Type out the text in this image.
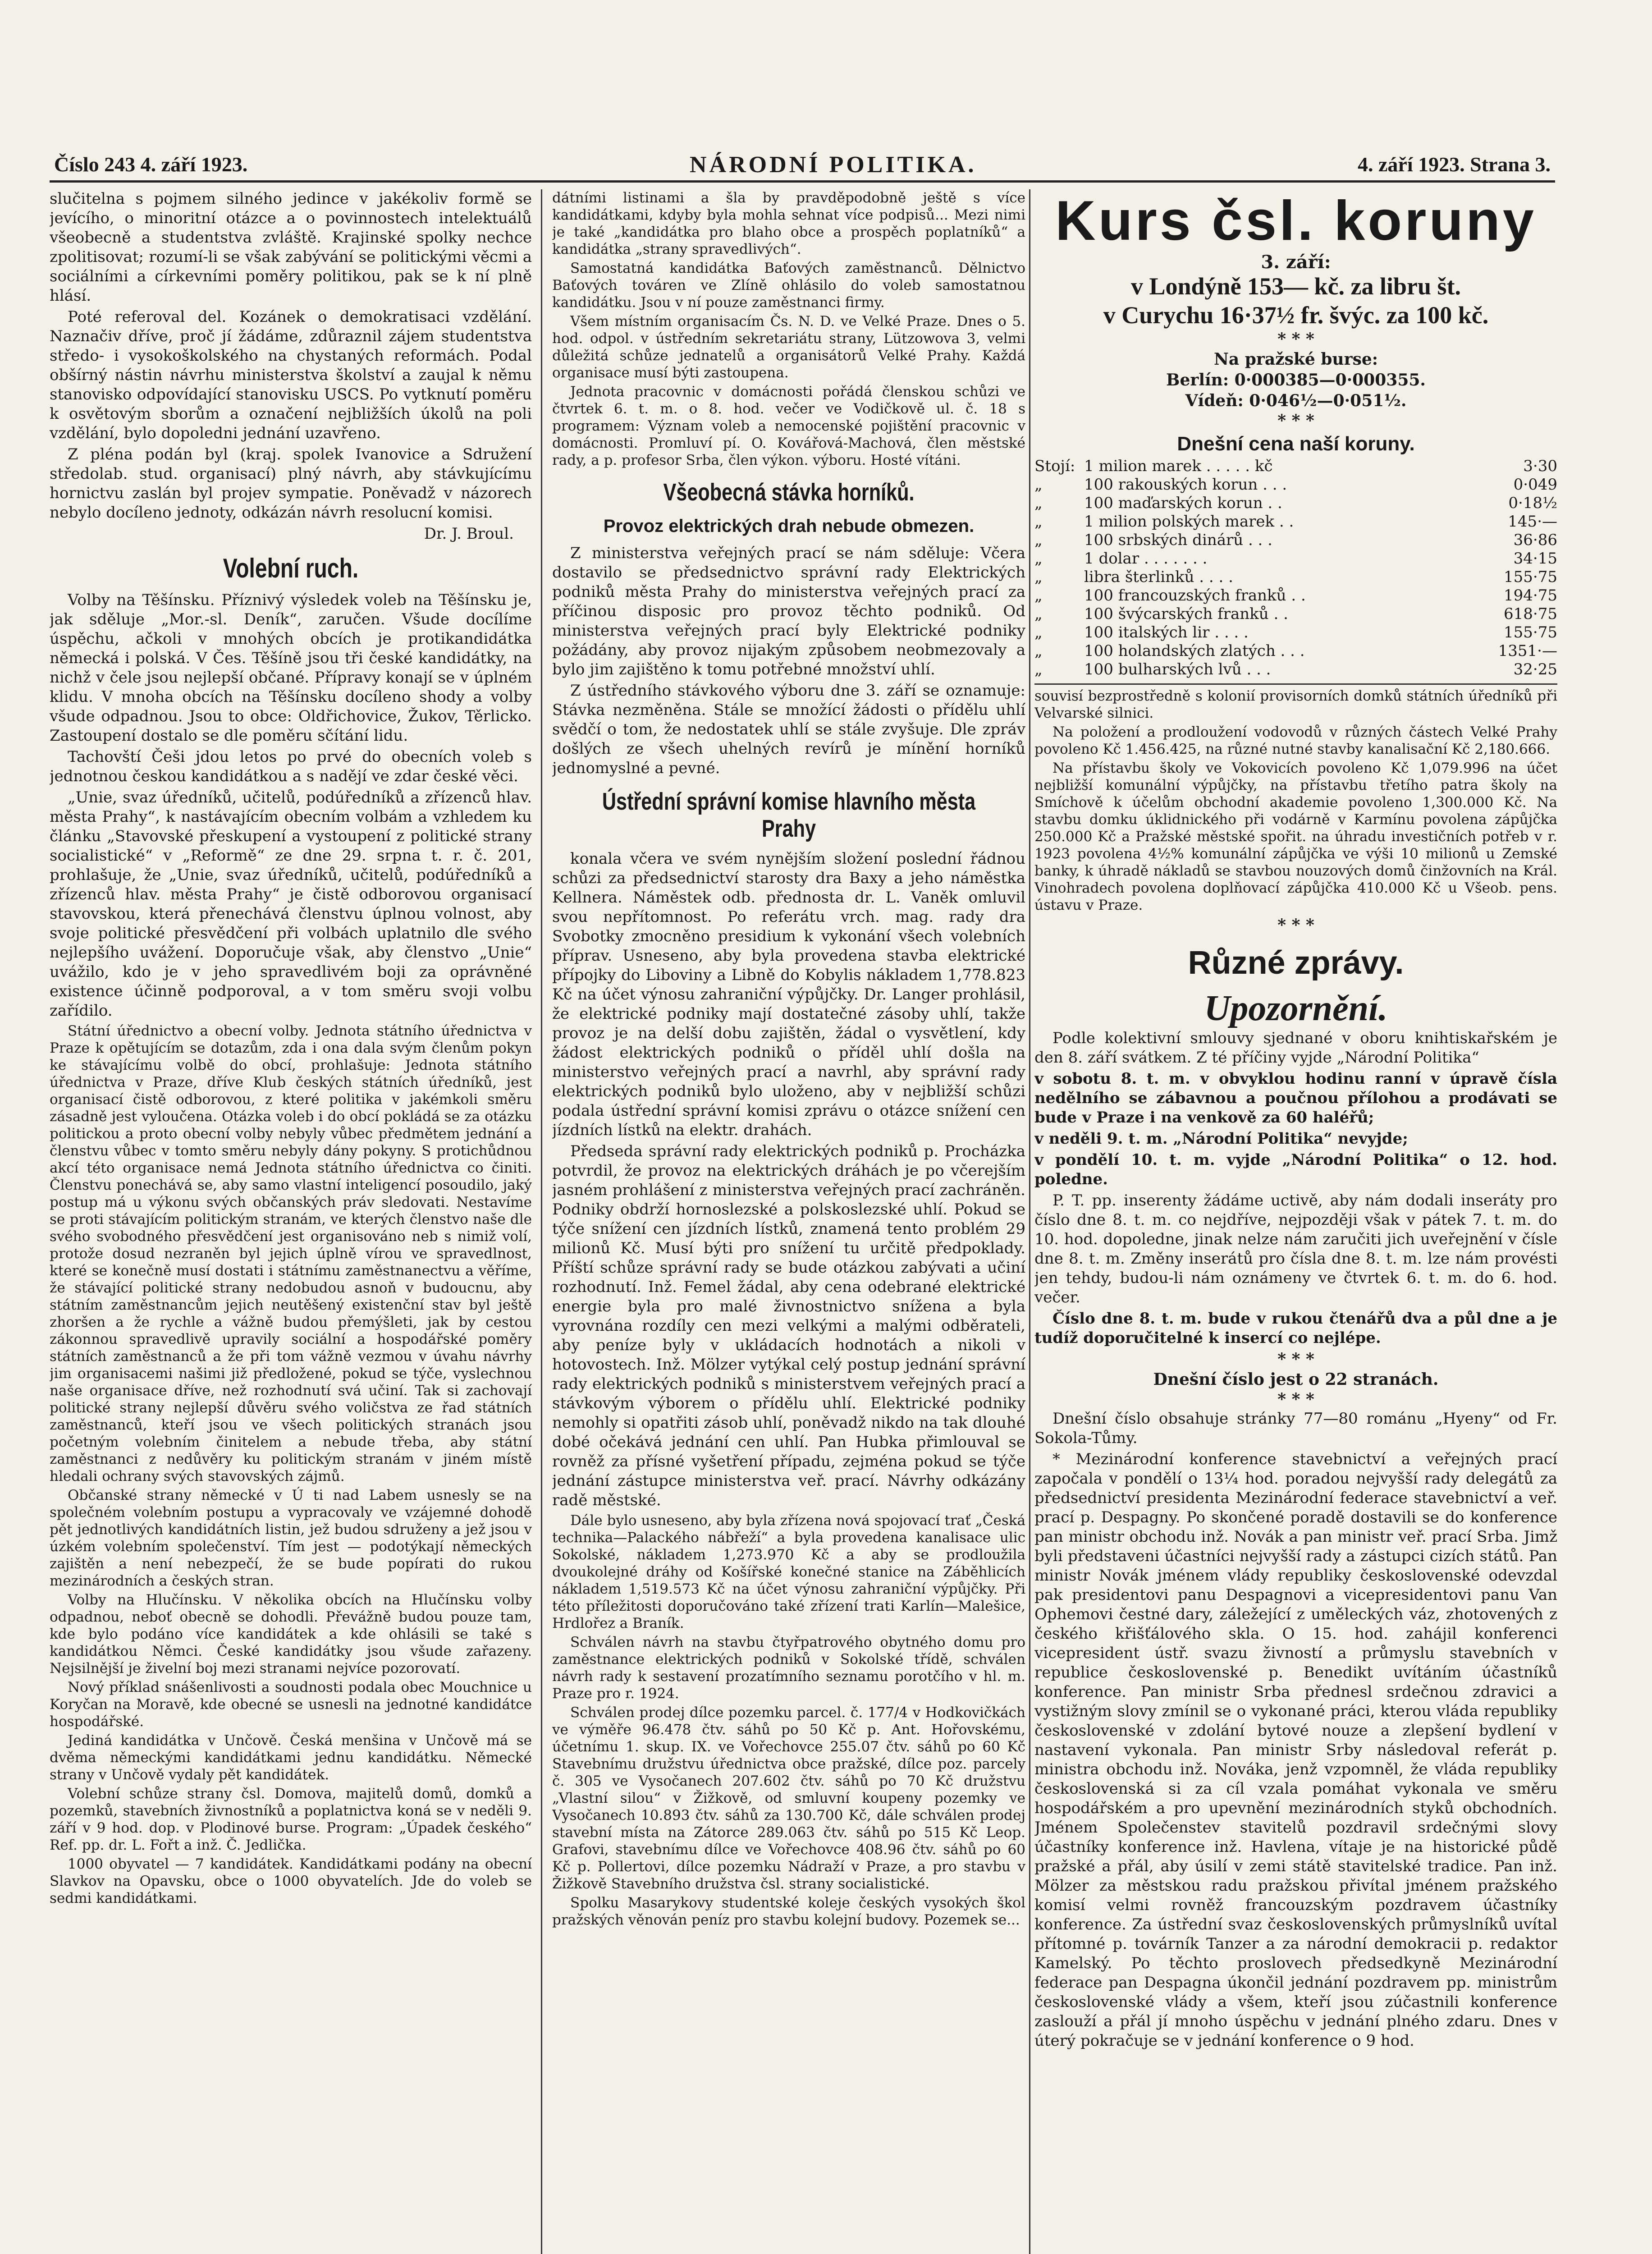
Číslo 243 4. září 1923.	NÁRODNÍ POLITIKA.	4. září 1923. Strana 3.

slučitelna s pojmem silného jedince v jakékoliv formě se jevícího, o minoritní otázce a o povinnostech intelektuálů všeobecně a studentstva zvláště. Krajinské spolky nechce zpolitisovat; rozumí-li se však zabývání se politickými věcmi a sociálními a církevními poměry politikou, pak se k ní plně hlásí.

Poté referoval del. Kozánek o demokratisaci vzdělání. Naznačiv dříve, proč jí žádáme, zdůraznil zájem studentstva středo- i vysokoškolského na chystaných reformách. Podal obšírný nástin návrhu ministerstva školství a zaujal k němu stanovisko odpovídající stanovisku USCS. Po vytknutí poměru k osvětovým sborům a označení nejbližších úkolů na poli vzdělání, bylo dopoledni jednání uzavřeno.

Z pléna podán byl (kraj. spolek Ivanovice a Sdružení středolab. stud. organisací) plný návrh, aby stávkujícímu hornictvu zaslán byl projev sympatie. Poněvadž v názorech nebylo docíleno jednoty, odkázán návrh resolucní komisi.

Dr. J. Broul.
Volební ruch.

Volby na Těšínsku. Příznivý výsledek voleb na Těšínsku je, jak sděluje „Mor.-sl. Deník“, zaručen. Všude docílíme úspěchu, ačkoli v mnohých obcích je protikandidátka německá i polská. V Čes. Těšíně jsou tři české kandidátky, na nichž v čele jsou nejlepší občané. Přípravy konají se v úplném klidu. V mnoha obcích na Těšínsku docíleno shody a volby všude odpadnou. Jsou to obce: Oldřichovice, Žukov, Těrlicko. Zastoupení dostalo se dle poměru sčítání lidu.

Tachovští Češi jdou letos po prvé do obecních voleb s jednotnou českou kandidátkou a s nadějí ve zdar české věci.

„Unie, svaz úředníků, učitelů, podúředníků a zřízenců hlav. města Prahy“, k nastávajícím obecním volbám a vzhledem ku článku „Stavovské přeskupení a vystoupení z politické strany socialistické“ v „Reformě“ ze dne 29. srpna t. r. č. 201, prohlašuje, že „Unie, svaz úředníků, učitelů, podúředníků a zřízenců hlav. města Prahy“ je čistě odborovou organisací stavovskou, která přenechává členstvu úplnou volnost, aby svoje politické přesvědčení při volbách uplatnilo dle svého nejlepšího uvážení. Doporučuje však, aby členstvo „Unie“ uvážilo, kdo je v jeho spravedlivém boji za oprávněné existence účinně podporoval, a v tom směru svoji volbu zařídilo.

Státní úřednictvo a obecní volby. Jednota státního úřednictva v Praze k opětujícím se dotazům, zda i ona dala svým členům pokyn ke stávajícímu volbě do obcí, prohlašuje: Jednota státního úřednictva v Praze, dříve Klub českých státních úředníků, jest organisací čistě odborovou, z které politika v jakémkoli směru zásadně jest vyloučena. Otázka voleb i do obcí pokládá se za otázku politickou a proto obecní volby nebyly vůbec předmětem jednání a členstvu vůbec v tomto směru nebyly dány pokyny. S protichůdnou akcí této organisace nemá Jednota státního úřednictva co činiti. Členstvu ponechává se, aby samo vlastní inteligencí posoudilo, jaký postup má u výkonu svých občanských práv sledovati. Nestavíme se proti stávajícím politickým stranám, ve kterých členstvo naše dle svého svobodného přesvědčení jest organisováno neb s nimiž volí, protože dosud nezraněn byl jejich úplně vírou ve spravedlnost, které se konečně musí dostati i státnímu zaměstnanectvu a věříme, že stávající politické strany nedobudou asnoň v budoucnu, aby státním zaměstnancům jejich neutěšený existenční stav byl ještě zhoršen a že rychle a vážně budou přemýšleti, jak by cestou zákonnou spravedlivě upravily sociální a hospodářské poměry státních zaměstnanců a že při tom vážně vezmou v úvahu návrhy jim organisacemi našimi již předložené, pokud se týče, vyslechnou naše organisace dříve, než rozhodnutí svá učiní. Tak si zachovají politické strany nejlepší důvěru svého voličstva ze řad státních zaměstnanců, kteří jsou ve všech politických stranách jsou početným volebním činitelem a nebude třeba, aby státní zaměstnanci z nedůvěry ku politickým stranám v jiném místě hledali ochrany svých stavovských zájmů.

Občanské strany německé v Ú ti nad Labem usnesly se na společném volebním postupu a vypracovaly ve vzájemné dohodě pět jednotlivých kandidátních listin, jež budou sdruženy a jež jsou v úzkém volebním společenství. Tím jest — podotýkají německých zajištěn a není nebezpečí, že se bude popírati do rukou mezinárodních a českých stran.

Volby na Hlučínsku. V několika obcích na Hlučínsku volby odpadnou, neboť obecně se dohodli. Převážně budou pouze tam, kde bylo podáno více kandidátek a kde ohlásili se také s kandidátkou Němci. České kandidátky jsou všude zařazeny. Nejsilnější je živelní boj mezi stranami nejvíce pozorovatí.

Nový příklad snášenlivosti a soudnosti podala obec Mouchnice u Koryčan na Moravě, kde obecné se usnesli na jednotné kandidátce hospodářské.

Jediná kandidátka v Unčově. Česká menšina v Unčově má se dvěma německými kandidátkami jednu kandidátku. Německé strany v Unčově vydaly pět kandidátek.

Volební schůze strany čsl. Domova, majitelů domů, domků a pozemků, stavebních živnostníků a poplatnictva koná se v neděli 9. září v 9 hod. dop. v Plodinové burse. Program: „Úpadek českého“ Ref. pp. dr. L. Fořt a inž. Č. Jedlička.

1000 obyvatel — 7 kandidátek. Kandidátkami podány na obecní Slavkov na Opavsku, obce o 1000 obyvatelích. Jde do voleb se sedmi kandidátkami.

dátními listinami a šla by pravděpodobně ještě s více kandidátkami, kdyby byla mohla sehnat více podpisů... Mezi nimi je také „kandidátka pro blaho obce a prospěch poplatníků“ a kandidátka „strany spravedlivých“.

Samostatná kandidátka Baťových zaměstnanců. Dělnictvo Baťových továren ve Zlíně ohlásilo do voleb samostatnou kandidátku. Jsou v ní pouze zaměstnanci firmy.

Všem místním organisacím Čs. N. D. ve Velké Praze. Dnes o 5. hod. odpol. v ústředním sekretariátu strany, Lützowova 3, velmi důležitá schůze jednatelů a organisátorů Velké Prahy. Každá organisace musí býti zastoupena.

Jednota pracovnic v domácnosti pořádá členskou schůzi ve čtvrtek 6. t. m. o 8. hod. večer ve Vodičkově ul. č. 18 s programem: Význam voleb a nemocenské pojištění pracovnic v domácnosti. Promluví pí. O. Kovářová-Machová, člen městské rady, a p. profesor Srba, člen výkon. výboru. Hosté vítáni.

Všeobecná stávka horníků.
Provoz elektrických drah nebude obmezen.

Z ministerstva veřejných prací se nám sděluje: Včera dostavilo se předsednictvo správní rady Elektrických podniků města Prahy do ministerstva veřejných prací za příčinou disposic pro provoz těchto podniků. Od ministerstva veřejných prací byly Elektrické podniky požádány, aby provoz nijakým způsobem neobmezovaly a bylo jim zajištěno k tomu potřebné množství uhlí.

Z ústředního stávkového výboru dne 3. září se oznamuje: Stávka nezměněna. Stále se množící žádosti o přídělu uhlí svědčí o tom, že nedostatek uhlí se stále zvyšuje. Dle zpráv došlých ze všech uhelných revírů je mínění horníků jednomyslné a pevné.

Ústřední správní komise hlavního města Prahy

konala včera ve svém nynějším složení poslední řádnou schůzi za předsednictví starosty dra Baxy a jeho náměstka Kellnera. Náměstek odb. přednosta dr. L. Vaněk omluvil svou nepřítomnost. Po referátu vrch. mag. rady dra Svobotky zmocněno presidium k vykonání všech volebních příprav. Usneseno, aby byla provedena stavba elektrické přípojky do Liboviny a Libně do Kobylis nákladem 1,778.823 Kč na účet výnosu zahraniční výpůjčky. Dr. Langer prohlásil, že elektrické podniky mají dostatečné zásoby uhlí, takže provoz je na delší dobu zajištěn, žádal o vysvětlení, kdy žádost elektrických podniků o příděl uhlí došla na ministerstvo veřejných prací a navrhl, aby správní rady elektrických podniků bylo uloženo, aby v nejbližší schůzi podala ústřední správní komisi zprávu o otázce snížení cen jízdních lístků na elektr. drahách.

Předseda správní rady elektrických podniků p. Procházka potvrdil, že provoz na elektrických dráhách je po včerejším jasném prohlášení z ministerstva veřejných prací zachráněn. Podniky obdrží hornoslezské a polskoslezské uhlí. Pokud se týče snížení cen jízdních lístků, znamená tento problém 29 milionů Kč. Musí býti pro snížení tu určitě předpoklady. Příští schůze správní rady se bude otázkou zabývati a učiní rozhodnutí. Inž. Femel žádal, aby cena odebrané elektrické energie byla pro malé živnostnictvo snížena a byla vyrovnána rozdíly cen mezi velkými a malými odběrateli, aby peníze byly v ukládacích hodnotách a nikoli v hotovostech. Inž. Mölzer vytýkal celý postup jednání správní rady elektrických podniků s ministerstvem veřejných prací a stávkovým výborem o přídělu uhlí. Elektrické podniky nemohly si opatřiti zásob uhlí, poněvadž nikdo na tak dlouhé dobé očekává jednání cen uhlí. Pan Hubka přimlouval se rovněž za přísné vyšetření případu, zejména pokud se týče jednání zástupce ministerstva veř. prací. Návrhy odkázány radě městské.

Dále bylo usneseno, aby byla zřízena nová spojovací trať „Česká technika—Palackého nábřeží“ a byla provedena kanalisace ulic Sokolské, nákladem 1,273.970 Kč a aby se prodloužila dvoukolejné dráhy od Košířské konečné stanice na Záběhlicích nákladem 1,519.573 Kč na účet výnosu zahraniční výpůjčky. Při této příležitosti doporučováno také zřízení trati Karlín—Malešice, Hrdlořez a Braník.

Schválen návrh na stavbu čtyřpatrového obytného domu pro zaměstnance elektrických podniků v Sokolské třídě, schválen návrh rady k sestavení prozatímního seznamu porotčího v hl. m. Praze pro r. 1924.

Schválen prodej dílce pozemku parcel. č. 177/4 v Hodkovičkách ve výměře 96.478 čtv. sáhů po 50 Kč p. Ant. Hořovskému, účetnímu 1. skup. IX. ve Vořechovce 255.07 čtv. sáhů po 60 Kč Stavebnímu družstvu úřednictva obce pražské, dílce poz. parcely č. 305 ve Vysočanech 207.602 čtv. sáhů po 70 Kč družstvu „Vlastní silou“ v Žižkově, od smluvní koupeny pozemky ve Vysočanech 10.893 čtv. sáhů za 130.700 Kč, dále schválen prodej stavební místa na Zátorce 289.063 čtv. sáhů po 515 Kč Leop. Grafovi, stavebnímu dílce ve Vořechovce 408.96 čtv. sáhů po 60 Kč p. Pollertovi, dílce pozemku Nádraží v Praze, a pro stavbu v Žižkově Stavebního družstva čsl. strany socialistické.

Spolku Masarykovy studentské koleje českých vysokých škol pražských věnován peníz pro stavbu kolejní budovy. Pozemek se...

Kurs čsl. koruny
3. září:
v Londýně 153— kč. za libru št.
v Curychu 16·37½ fr. švýc. za 100 kč.
* * *
Na pražské burse:
Berlín: 0·000385—0·000355.
Vídeň: 0·046½—0·051½.
* * *
Dnešní cena naší koruny.
Stojí:	1 milion marek . . . . . kč	3·30
„	100 rakouských korun . . .	0·049
„	100 maďarských korun . .	0·18½
„	1 milion polských marek . .	145·—
„	100 srbských dinárů . . .	36·86
„	1 dolar . . . . . . .	34·15
„	libra šterlinků . . . .	155·75
„	100 francouzských franků . .	194·75
„	100 švýcarských franků . .	618·75
„	100 italských lir . . . .	155·75
„	100 holandských zlatých . . .	1351·—
„	100 bulharských lvů . . .	32·25

souvisí bezprostředně s kolonií provisorních domků státních úředníků při Velvarské silnici.

Na položení a prodloužení vodovodů v různých částech Velké Prahy povoleno Kč 1.456.425, na různé nutné stavby kanalisační Kč 2,180.666.

Na přístavbu školy ve Vokovicích povoleno Kč 1,079.996 na účet nejbližší komunální výpůjčky, na přístavbu třetího patra školy na Smíchově k účelům obchodní akademie povoleno 1,300.000 Kč. Na stavbu domku úklidnického při vodárně v Karmínu povolena zápůjčka 250.000 Kč a Pražské městské spořit. na úhradu investičních potřeb v r. 1923 povolena 4½% komunální zápůjčka ve výši 10 milionů u Zemské banky, k úhradě nákladů se stavbou nouzových domů činžovních na Král. Vinohradech povolena doplňovací zápůjčka 410.000 Kč u Všeob. pens. ústavu v Praze.

* * *
Různé zprávy.
Upozornění.

Podle kolektivní smlouvy sjednané v oboru knihtiskařském je den 8. září svátkem. Z té příčiny vyjde „Národní Politika“

v sobotu 8. t. m. v obvyklou hodinu ranní v úpravě čísla nedělního se zábavnou a poučnou přílohou a prodávati se bude v Praze i na venkově za 60 haléřů;

v neděli 9. t. m. „Národní Politika“ nevyjde;

v pondělí 10. t. m. vyjde „Národní Politika“ o 12. hod. poledne.

P. T. pp. inserenty žádáme uctivě, aby nám dodali inseráty pro číslo dne 8. t. m. co nejdříve, nejpozději však v pátek 7. t. m. do 10. hod. dopoledne, jinak nelze nám zaručiti jich uveřejnění v čísle dne 8. t. m. Změny inserátů pro čísla dne 8. t. m. lze nám provésti jen tehdy, budou-li nám oznámeny ve čtvrtek 6. t. m. do 6. hod. večer.

Číslo dne 8. t. m. bude v rukou čtenářů dva a půl dne a je tudíž doporučitelné k insercí co nejlépe.

* * *
Dnešní číslo jest o 22 stranách.
* * *

Dnešní číslo obsahuje stránky 77—80 románu „Hyeny“ od Fr. Sokola-Tůmy.

* Mezinárodní konference stavebnictví a veřejných prací započala v pondělí o 13¼ hod. poradou nejvyšší rady delegátů za předsednictví presidenta Mezinárodní federace stavebnictví a veř. prací p. Despagny. Po skončené poradě dostavili se do konference pan ministr obchodu inž. Novák a pan ministr veř. prací Srba. Jimž byli představeni účastníci nejvyšší rady a zástupci cizích států. Pan ministr Novák jménem vlády republiky československé odevzdal pak presidentovi panu Despagnovi a vicepresidentovi panu Van Ophemovi čestné dary, záležející z uměleckých váz, zhotovených z českého křišťálového skla. O 15. hod. zahájil konferenci vicepresident ústř. svazu živností a průmyslu stavebních v republice československé p. Benedikt uvítáním účastníků konference. Pan ministr Srba přednesl srdečnou zdravici a vystižným slovy zmínil se o vykonané práci, kterou vláda republiky československé v zdolání bytové nouze a zlepšení bydlení v nastavení vykonala. Pan ministr Srby následoval referát p. ministra obchodu inž. Nováka, jenž vzpomněl, že vláda republiky československá si za cíl vzala pomáhat vykonala ve směru hospodářském a pro upevnění mezinárodních styků obchodních. Jménem Společenstev stavitelů pozdravil srdečnými slovy účastníky konference inž. Havlena, vítaje je na historické půdě pražské a přál, aby úsilí v zemi státě stavitelské tradice. Pan inž. Mölzer za městskou radu pražskou přivítal jménem pražského komisí velmi rovněž francouzským pozdravem účastníky konference. Za ústřední svaz československých průmyslníků uvítal přítomné p. továrník Tanzer a za národní demokracii p. redaktor Kamelský. Po těchto proslovech předsedkyně Mezinárodní federace pan Despagna úkončil jednání pozdravem pp. ministrům československé vlády a všem, kteří jsou zúčastnili konference zaslouží a přál jí mnoho úspěchu v jednání plného zdaru. Dnes v úterý pokračuje se v jednání konference o 9 hod.
